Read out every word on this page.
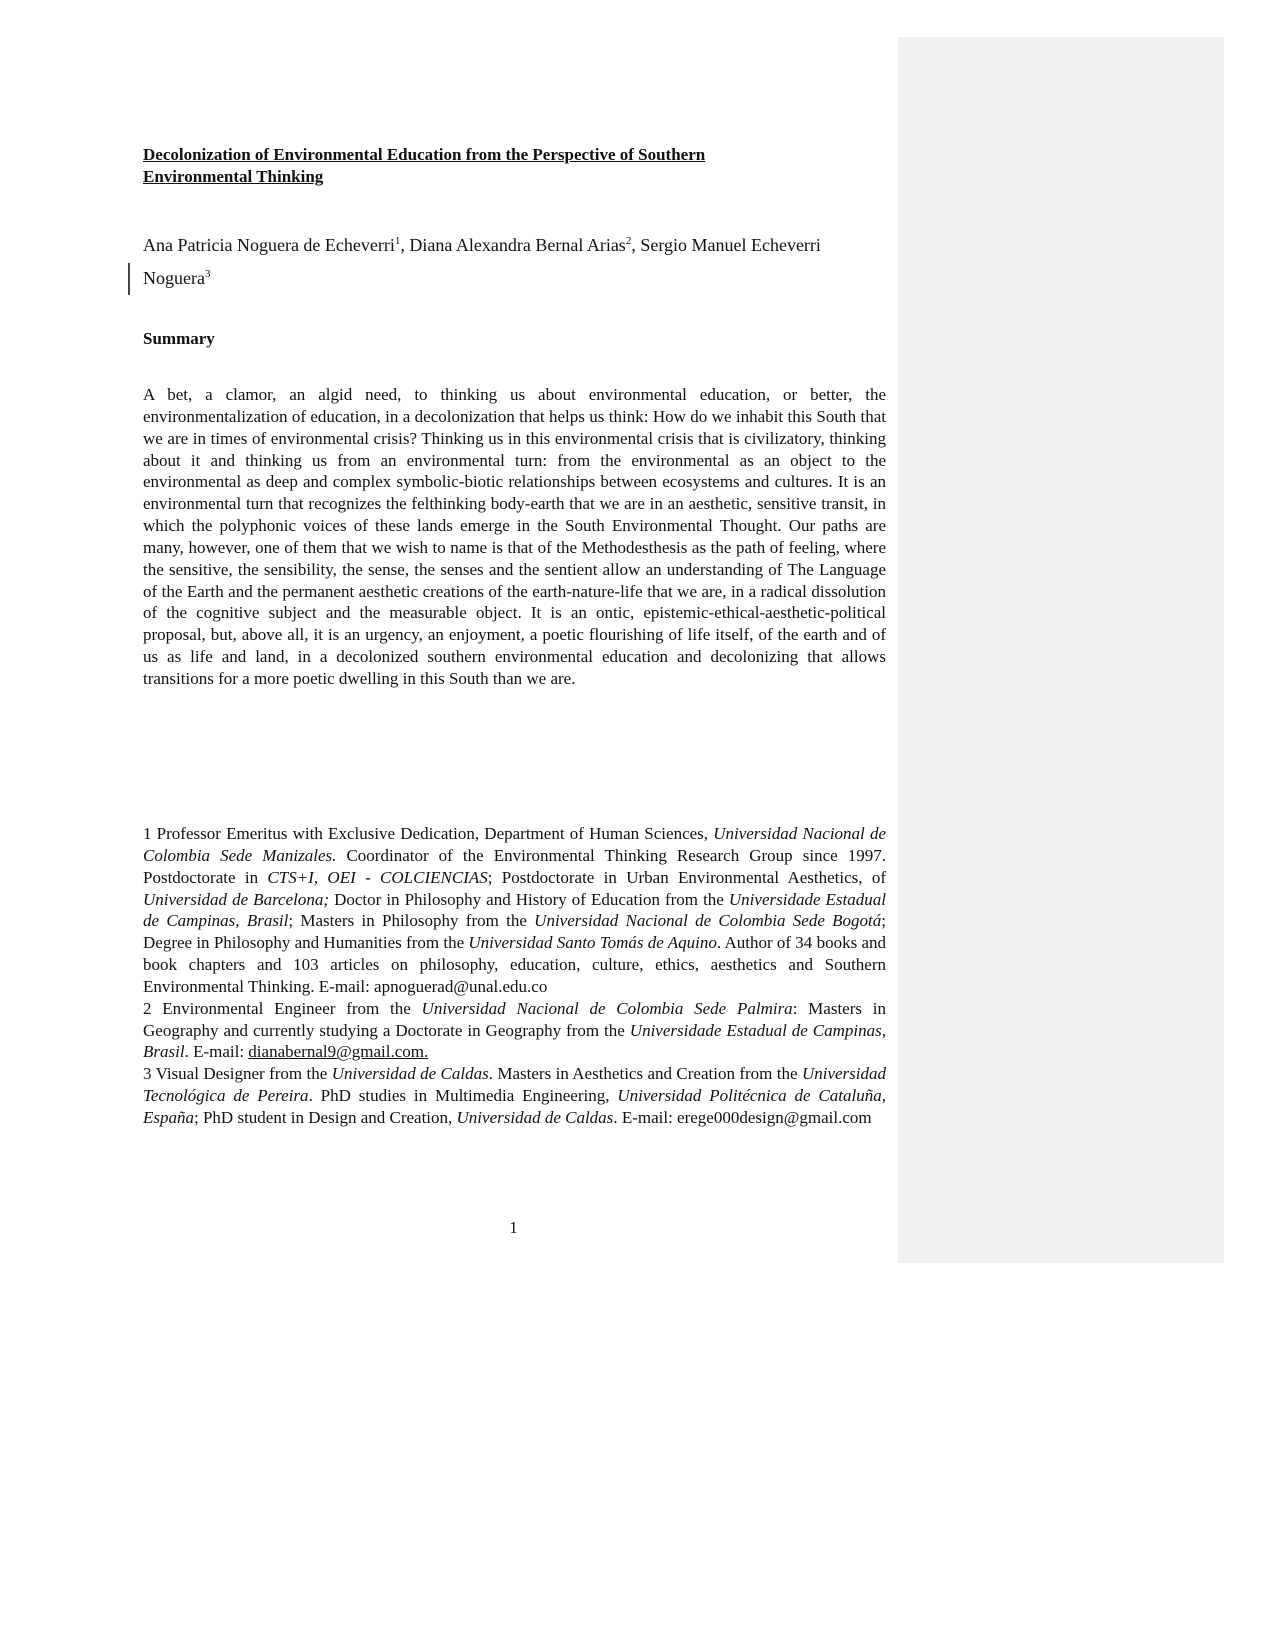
Decolonization of Environmental Education from the Perspective of Southern Environmental Thinking
Ana Patricia Noguera de Echeverri$^1$, Diana Alexandra Bernal Arias$^2$, Sergio Manuel Echeverri Noguera$^3$
Summary

A bet, a clamor, an algid need, to thinking us about environmental education, or better, the environmentalization of education, in a decolonization that helps us think: How do we inhabit this South that we are in times of environmental crisis? Thinking us in this environmental crisis that is civilizatory, thinking about it and thinking us from an environmental turn: from the environmental as an object to the environmental as deep and complex symbolic-biotic relationships between ecosystems and cultures. It is an environmental turn that recognizes the felthinking body-earth that we are in an aesthetic, sensitive transit, in which the polyphonic voices of these lands emerge in the South Environmental Thought. Our paths are many, however, one of them that we wish to name is that of the Methodesthesis as the path of feeling, where the sensitive, the sensibility, the sense, the senses and the sentient allow an understanding of The Language of the Earth and the permanent aesthetic creations of the earth-nature-life that we are, in a radical dissolution of the cognitive subject and the measurable object. It is an ontic, epistemic-ethical-aesthetic-political proposal, but, above all, it is an urgency, an enjoyment, a poetic flourishing of life itself, of the earth and of us as life and land, in a decolonized southern environmental education and decolonizing that allows transitions for a more poetic dwelling in this South than we are.

1 Professor Emeritus with Exclusive Dedication, Department of Human Sciences, Universidad Nacional de Colombia Sede Manizales. Coordinator of the Environmental Thinking Research Group since 1997. Postdoctorate in CTS+I, OEI - COLCIENCIAS; Postdoctorate in Urban Environmental Aesthetics, of Universidad de Barcelona; Doctor in Philosophy and History of Education from the Universidade Estadual de Campinas, Brasil; Masters in Philosophy from the Universidad Nacional de Colombia Sede Bogotá; Degree in Philosophy and Humanities from the Universidad Santo Tomás de Aquino. Author of 34 books and book chapters and 103 articles on philosophy, education, culture, ethics, aesthetics and Southern Environmental Thinking. E-mail: apnoguerad@unal.edu.co

2 Environmental Engineer from the Universidad Nacional de Colombia Sede Palmira: Masters in Geography and currently studying a Doctorate in Geography from the Universidade Estadual de Campinas, Brasil. E-mail: dianabernal9@gmail.com.

3 Visual Designer from the Universidad de Caldas. Masters in Aesthetics and Creation from the Universidad Tecnológica de Pereira. PhD studies in Multimedia Engineering, Universidad Politécnica de Cataluña, España; PhD student in Design and Creation, Universidad de Caldas. E-mail: erege000design@gmail.com

1
